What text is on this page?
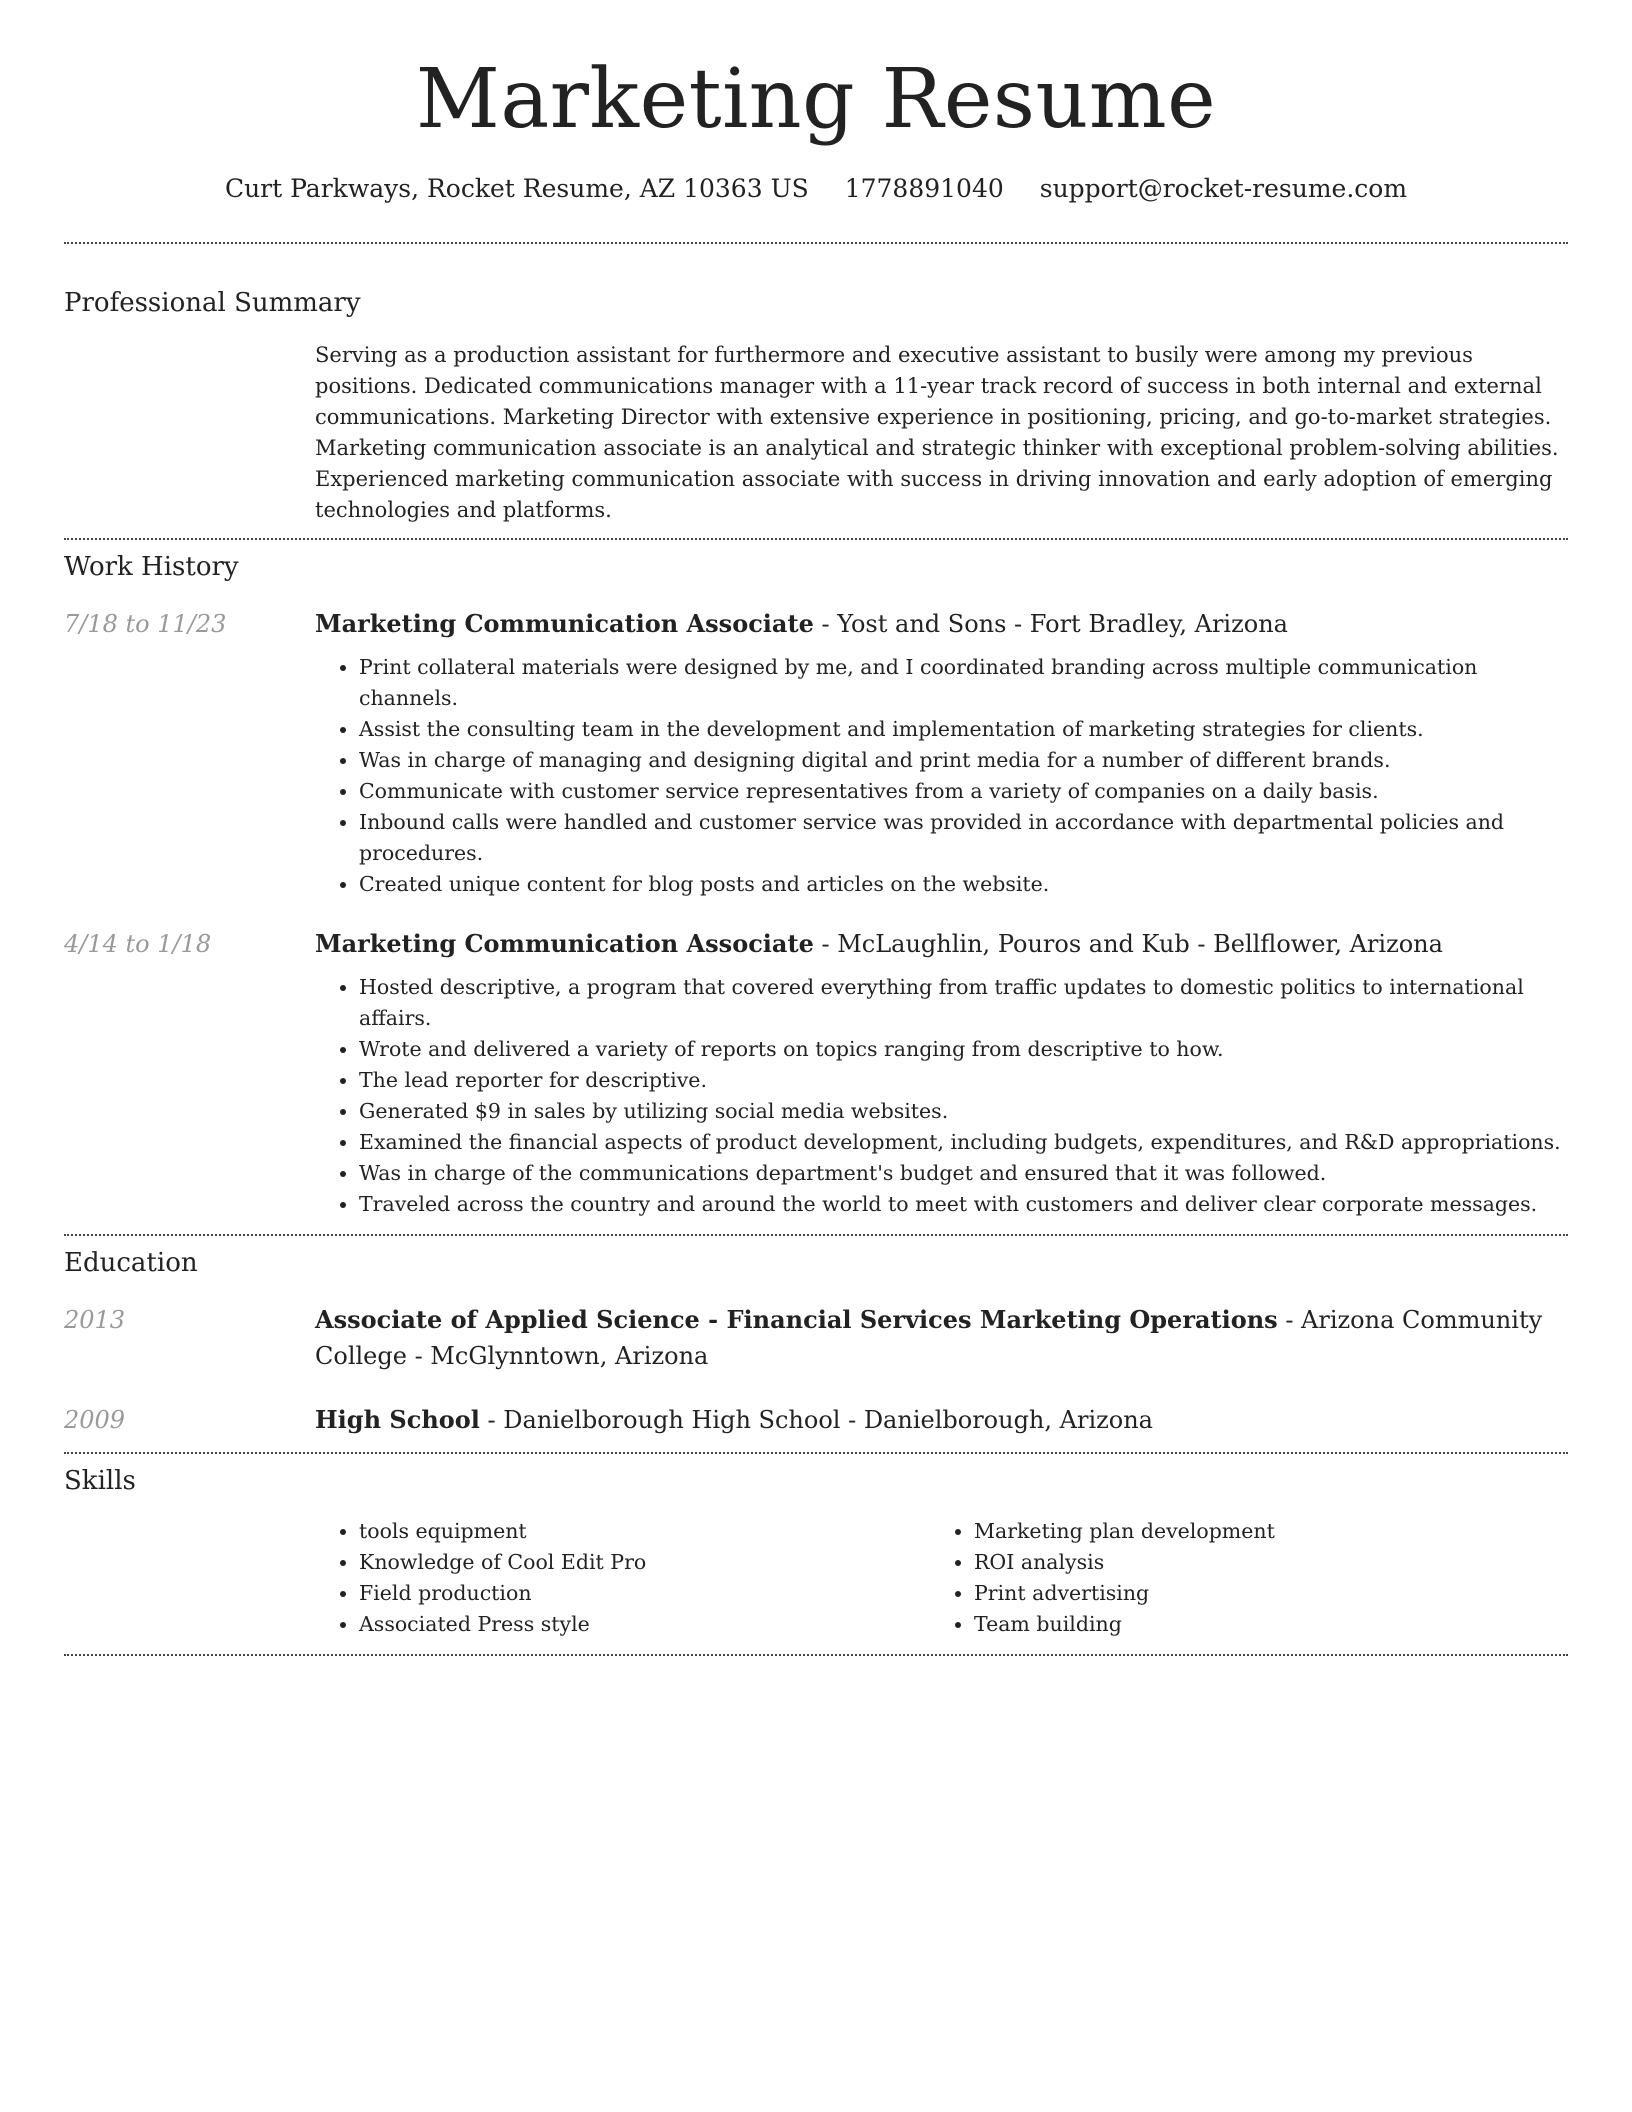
Marketing Resume
Curt Parkways, Rocket Resume, AZ 10363 US 1778891040 support@rocket-resume.com
Professional Summary
Serving as a production assistant for furthermore and executive assistant to busily were among my previous positions. Dedicated communications manager with a 11-year track record of success in both internal and external communications. Marketing Director with extensive experience in positioning, pricing, and go-to-market strategies. Marketing communication associate is an analytical and strategic thinker with exceptional problem-solving abilities. Experienced marketing communication associate with success in driving innovation and early adoption of emerging technologies and platforms.
Work History
7/18 to 11/23	Marketing Communication Associate - Yost and Sons - Fort Bradley, Arizona
• Print collateral materials were designed by me, and I coordinated branding across multiple communication channels.
• Assist the consulting team in the development and implementation of marketing strategies for clients.
• Was in charge of managing and designing digital and print media for a number of different brands.
• Communicate with customer service representatives from a variety of companies on a daily basis.
• Inbound calls were handled and customer service was provided in accordance with departmental policies and procedures.
• Created unique content for blog posts and articles on the website.
4/14 to 1/18	Marketing Communication Associate - McLaughlin, Pouros and Kub - Bellflower, Arizona
• Hosted descriptive, a program that covered everything from traffic updates to domestic politics to international affairs.
• Wrote and delivered a variety of reports on topics ranging from descriptive to how.
• The lead reporter for descriptive.
• Generated $9 in sales by utilizing social media websites.
• Examined the financial aspects of product development, including budgets, expenditures, and R&D appropriations.
• Was in charge of the communications department's budget and ensured that it was followed.
• Traveled across the country and around the world to meet with customers and deliver clear corporate messages.
Education
2013	Associate of Applied Science - Financial Services Marketing Operations - Arizona Community College - McGlynntown, Arizona
2009	High School - Danielborough High School - Danielborough, Arizona
Skills
• tools equipment
• Knowledge of Cool Edit Pro
• Field production
• Associated Press style
• Marketing plan development
• ROI analysis
• Print advertising
• Team building
